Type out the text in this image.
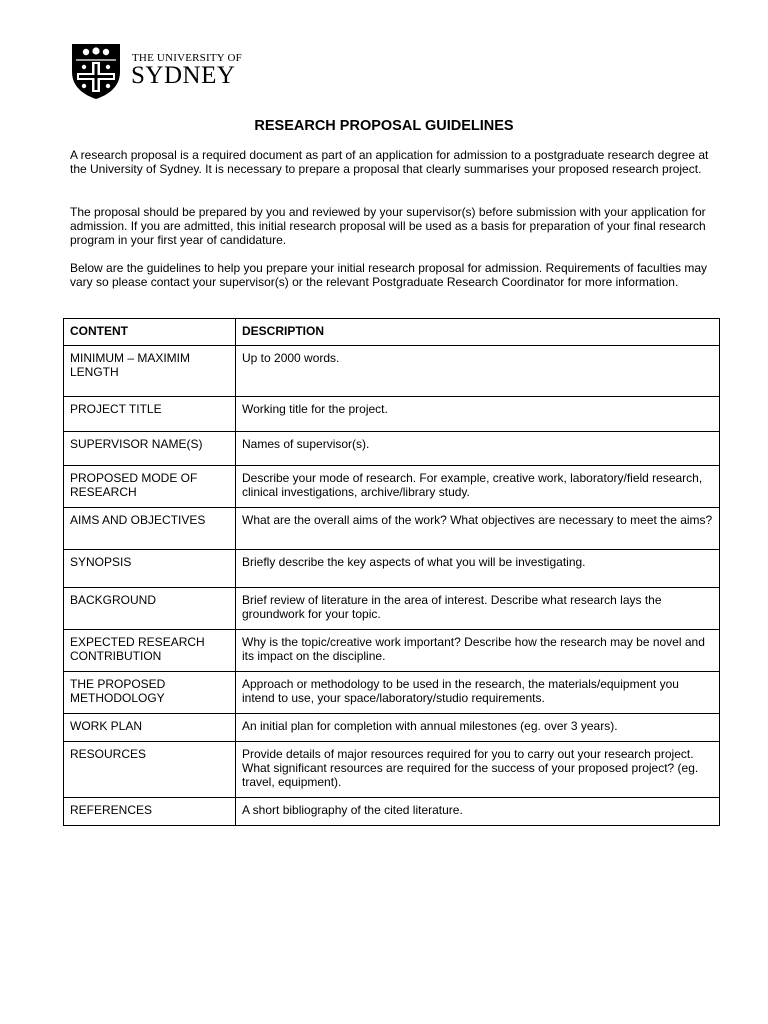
THE UNIVERSITY OF
SYDNEY
RESEARCH PROPOSAL GUIDELINES
A research proposal is a required document as part of an application for admission to a postgraduate research degree at the University of Sydney. It is necessary to prepare a proposal that clearly summarises your proposed research project.
The proposal should be prepared by you and reviewed by your supervisor(s) before submission with your application for admission. If you are admitted, this initial research proposal will be used as a basis for preparation of your final research program in your first year of candidature.
Below are the guidelines to help you prepare your initial research proposal for admission. Requirements of faculties may vary so please contact your supervisor(s) or the relevant Postgraduate Research Coordinator for more information.
CONTENT	DESCRIPTION
MINIMUM – MAXIMIM LENGTH	Up to 2000 words.
PROJECT TITLE	Working title for the project.
SUPERVISOR NAME(S)	Names of supervisor(s).
PROPOSED MODE OF RESEARCH	Describe your mode of research. For example, creative work, laboratory/field research, clinical investigations, archive/library study.
AIMS AND OBJECTIVES	What are the overall aims of the work? What objectives are necessary to meet the aims?
SYNOPSIS	Briefly describe the key aspects of what you will be investigating.
BACKGROUND	Brief review of literature in the area of interest. Describe what research lays the groundwork for your topic.
EXPECTED RESEARCH CONTRIBUTION	Why is the topic/creative work important? Describe how the research may be novel and its impact on the discipline.
THE PROPOSED METHODOLOGY	Approach or methodology to be used in the research, the materials/equipment you intend to use, your space/laboratory/studio requirements.
WORK PLAN	An initial plan for completion with annual milestones (eg. over 3 years).
RESOURCES	Provide details of major resources required for you to carry out your research project. What significant resources are required for the success of your proposed project? (eg. travel, equipment).
REFERENCES	A short bibliography of the cited literature.
